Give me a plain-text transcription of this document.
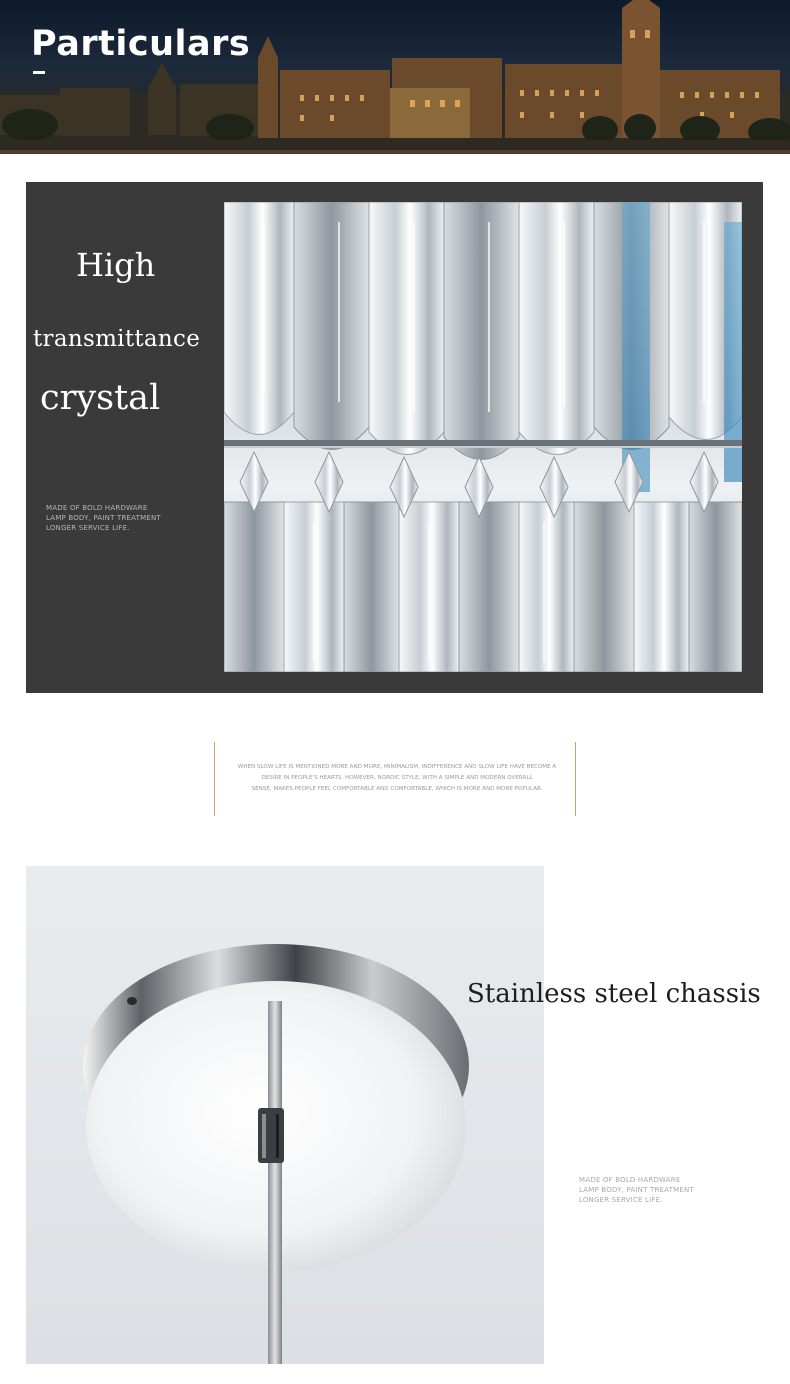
Particulars
High
transmittance
crystal
MADE OF BOLD HARDWARE
LAMP BODY, PAINT TREATMENT
LONGER SERVICE LIFE.
WHEN SLOW LIFE IS MENTIONED MORE AND MORE, MINIMALISM, INDIFFERENCE AND SLOW LIFE HAVE BECOME A
DESIRE IN PEOPLE'S HEARTS. HOWEVER, NORDIC STYLE, WITH A SIMPLE AND MODERN OVERALL
SENSE, MAKES PEOPLE FEEL COMFORTABLE AND COMFORTABLE, WHICH IS MORE AND MORE POPULAR.
Stainless steel chassis
MADE OF BOLD HARDWARE
LAMP BODY, PAINT TREATMENT
LONGER SERVICE LIFE.
